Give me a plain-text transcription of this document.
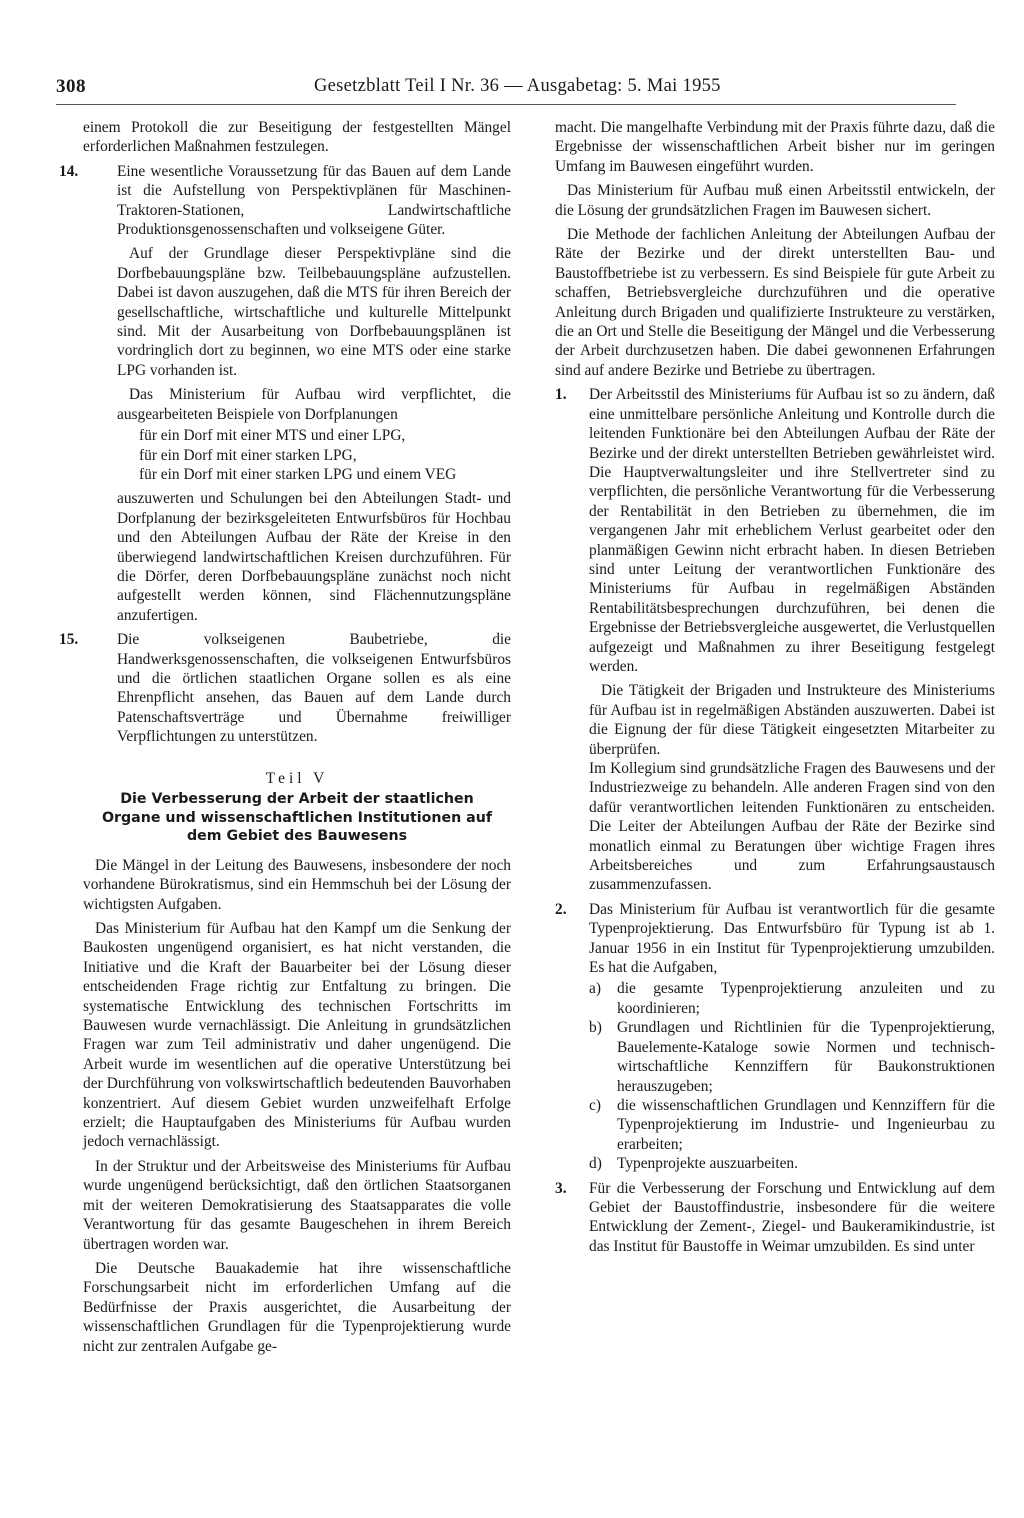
308	Gesetzblatt Teil I Nr. 36 — Ausgabetag: 5. Mai 1955

einem Protokoll die zur Beseitigung der festgestellten Mängel erforderlichen Maßnahmen festzulegen.

14.	Eine wesentliche Voraussetzung für das Bauen auf dem Lande ist die Aufstellung von Perspektivplänen für Maschinen-Traktoren-Stationen, Landwirtschaftliche Produktionsgenossenschaften und volkseigene Güter.

Auf der Grundlage dieser Perspektivpläne sind die Dorfbebauungspläne bzw. Teilbebauungspläne aufzustellen. Dabei ist davon auszugehen, daß die MTS für ihren Bereich der gesellschaftliche, wirtschaftliche und kulturelle Mittelpunkt sind. Mit der Ausarbeitung von Dorfbebauungsplänen ist vordringlich dort zu beginnen, wo eine MTS oder eine starke LPG vorhanden ist.

Das Ministerium für Aufbau wird verpflichtet, die ausgearbeiteten Beispiele von Dorfplanungen

für ein Dorf mit einer MTS und einer LPG,
für ein Dorf mit einer starken LPG,
für ein Dorf mit einer starken LPG und einem VEG

auszuwerten und Schulungen bei den Abteilungen Stadt- und Dorfplanung der bezirksgeleiteten Entwurfsbüros für Hochbau und den Abteilungen Aufbau der Räte der Kreise in den überwiegend landwirtschaftlichen Kreisen durchzuführen. Für die Dörfer, deren Dorfbebauungspläne zunächst noch nicht aufgestellt werden können, sind Flächennutzungspläne anzufertigen.

15.	Die volkseigenen Baubetriebe, die Handwerksgenossenschaften, die volkseigenen Entwurfsbüros und die örtlichen staatlichen Organe sollen es als eine Ehrenpflicht ansehen, das Bauen auf dem Lande durch Patenschaftsverträge und Übernahme freiwilliger Verpflichtungen zu unterstützen.

Teil V
Die Verbesserung der Arbeit der staatlichen Organe und wissenschaftlichen Institutionen auf dem Gebiet des Bauwesens

Die Mängel in der Leitung des Bauwesens, insbesondere der noch vorhandene Bürokratismus, sind ein Hemmschuh bei der Lösung der wichtigsten Aufgaben.

Das Ministerium für Aufbau hat den Kampf um die Senkung der Baukosten ungenügend organisiert, es hat nicht verstanden, die Initiative und die Kraft der Bauarbeiter bei der Lösung dieser entscheidenden Frage richtig zur Entfaltung zu bringen. Die systematische Entwicklung des technischen Fortschritts im Bauwesen wurde vernachlässigt. Die Anleitung in grundsätzlichen Fragen war zum Teil administrativ und daher ungenügend. Die Arbeit wurde im wesentlichen auf die operative Unterstützung bei der Durchführung von volkswirtschaftlich bedeutenden Bauvorhaben konzentriert. Auf diesem Gebiet wurden unzweifelhaft Erfolge erzielt; die Hauptaufgaben des Ministeriums für Aufbau wurden jedoch vernachlässigt.

In der Struktur und der Arbeitsweise des Ministeriums für Aufbau wurde ungenügend berücksichtigt, daß den örtlichen Staatsorganen mit der weiteren Demokratisierung des Staatsapparates die volle Verantwortung für das gesamte Baugeschehen in ihrem Bereich übertragen worden war.

Die Deutsche Bauakademie hat ihre wissenschaftliche Forschungsarbeit nicht im erforderlichen Umfang auf die Bedürfnisse der Praxis ausgerichtet, die Ausarbeitung der wissenschaftlichen Grundlagen für die Typenprojektierung wurde nicht zur zentralen Aufgabe ge-

macht. Die mangelhafte Verbindung mit der Praxis führte dazu, daß die Ergebnisse der wissenschaftlichen Arbeit bisher nur im geringen Umfang im Bauwesen eingeführt wurden.

Das Ministerium für Aufbau muß einen Arbeitsstil entwickeln, der die Lösung der grundsätzlichen Fragen im Bauwesen sichert.

Die Methode der fachlichen Anleitung der Abteilungen Aufbau der Räte der Bezirke und der direkt unterstellten Bau- und Baustoffbetriebe ist zu verbessern. Es sind Beispiele für gute Arbeit zu schaffen, Betriebsvergleiche durchzuführen und die operative Anleitung durch Brigaden und qualifizierte Instrukteure zu verstärken, die an Ort und Stelle die Beseitigung der Mängel und die Verbesserung der Arbeit durchzusetzen haben. Die dabei gewonnenen Erfahrungen sind auf andere Bezirke und Betriebe zu übertragen.

1. Der Arbeitsstil des Ministeriums für Aufbau ist so zu ändern, daß eine unmittelbare persönliche Anleitung und Kontrolle durch die leitenden Funktionäre bei den Abteilungen Aufbau der Räte der Bezirke und der direkt unterstellten Betrieben gewährleistet wird. Die Hauptverwaltungsleiter und ihre Stellvertreter sind zu verpflichten, die persönliche Verantwortung für die Verbesserung der Rentabilität in den Betrieben zu übernehmen, die im vergangenen Jahr mit erheblichem Verlust gearbeitet oder den planmäßigen Gewinn nicht erbracht haben. In diesen Betrieben sind unter Leitung der verantwortlichen Funktionäre des Ministeriums für Aufbau in regelmäßigen Abständen Rentabilitätsbesprechungen durchzuführen, bei denen die Ergebnisse der Betriebsvergleiche ausgewertet, die Verlustquellen aufgezeigt und Maßnahmen zu ihrer Beseitigung festgelegt werden.

Die Tätigkeit der Brigaden und Instrukteure des Ministeriums für Aufbau ist in regelmäßigen Abständen auszuwerten. Dabei ist die Eignung der für diese Tätigkeit eingesetzten Mitarbeiter zu überprüfen.

Im Kollegium sind grundsätzliche Fragen des Bauwesens und der Industriezweige zu behandeln. Alle anderen Fragen sind von den dafür verantwortlichen leitenden Funktionären zu entscheiden. Die Leiter der Abteilungen Aufbau der Räte der Bezirke sind monatlich einmal zu Beratungen über wichtige Fragen ihres Arbeitsbereiches und zum Erfahrungsaustausch zusammenzufassen.

2. Das Ministerium für Aufbau ist verantwortlich für die gesamte Typenprojektierung. Das Entwurfsbüro für Typung ist ab 1. Januar 1956 in ein Institut für Typenprojektierung umzubilden. Es hat die Aufgaben,

a) die gesamte Typenprojektierung anzuleiten und zu koordinieren;
b) Grundlagen und Richtlinien für die Typenprojektierung, Bauelemente-Kataloge sowie Normen und technisch-wirtschaftliche Kennziffern für Baukonstruktionen herauszugeben;
c) die wissenschaftlichen Grundlagen und Kennziffern für die Typenprojektierung im Industrie- und Ingenieurbau zu erarbeiten;
d) Typenprojekte auszuarbeiten.
3. Für die Verbesserung der Forschung und Entwicklung auf dem Gebiet der Baustoffindustrie, insbesondere für die weitere Entwicklung der Zement-, Ziegel- und Baukeramikindustrie, ist das Institut für Baustoffe in Weimar umzubilden. Es sind unter
